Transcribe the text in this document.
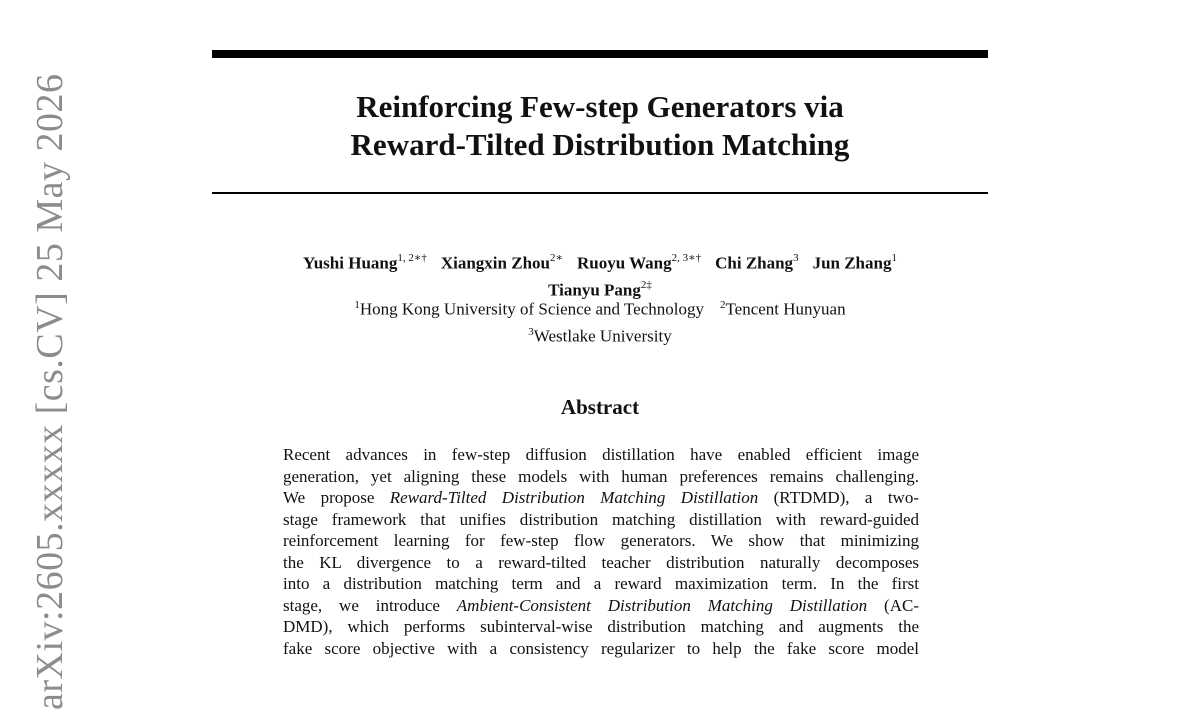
Reinforcing Few-step Generators via
Reward-Tilted Distribution Matching
Yushi Huang$^{1, 2∗\dagger}$ Xiangxin Zhou$^{2∗}$ Ruoyu Wang$^{2, 3∗\dagger}$ Chi Zhang$^3$ Jun Zhang$^1$
Tianyu Pang$^{2\ddagger}$
$^1$Hong Kong University of Science and Technology $^2$Tencent Hunyuan
$^3$Westlake University
Abstract
Recent advances in few-step diffusion distillation have enabled efficient image
generation, yet aligning these models with human preferences remains challenging.
We propose Reward-Tilted Distribution Matching Distillation (RTDMD), a two-
stage framework that unifies distribution matching distillation with reward-guided
reinforcement learning for few-step flow generators. We show that minimizing
the KL divergence to a reward-tilted teacher distribution naturally decomposes
into a distribution matching term and a reward maximization term. In the first
stage, we introduce Ambient-Consistent Distribution Matching Distillation (AC-
DMD), which performs subinterval-wise distribution matching and augments the
fake score objective with a consistency regularizer to help the fake score model
arXiv:2605.xxxxx [cs.CV] 25 May 2026
